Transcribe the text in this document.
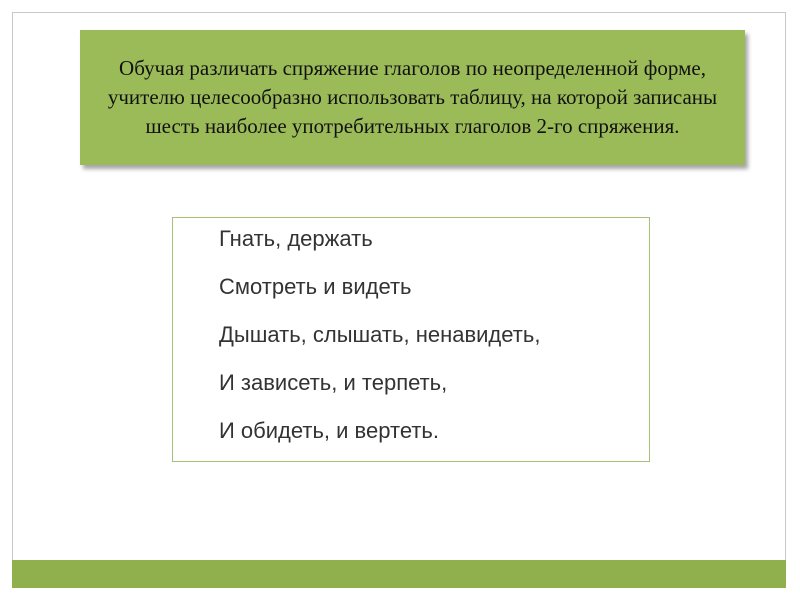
Обучая различать спряжение глаголов по неопределенной форме, учителю целесообразно использовать таблицу, на которой записаны шесть наиболее употребительных глаголов 2-го спряжения.

Гнать, держать
Смотреть и видеть
Дышать, слышать, ненавидеть,
И зависеть, и терпеть,
И обидеть, и вертеть.
